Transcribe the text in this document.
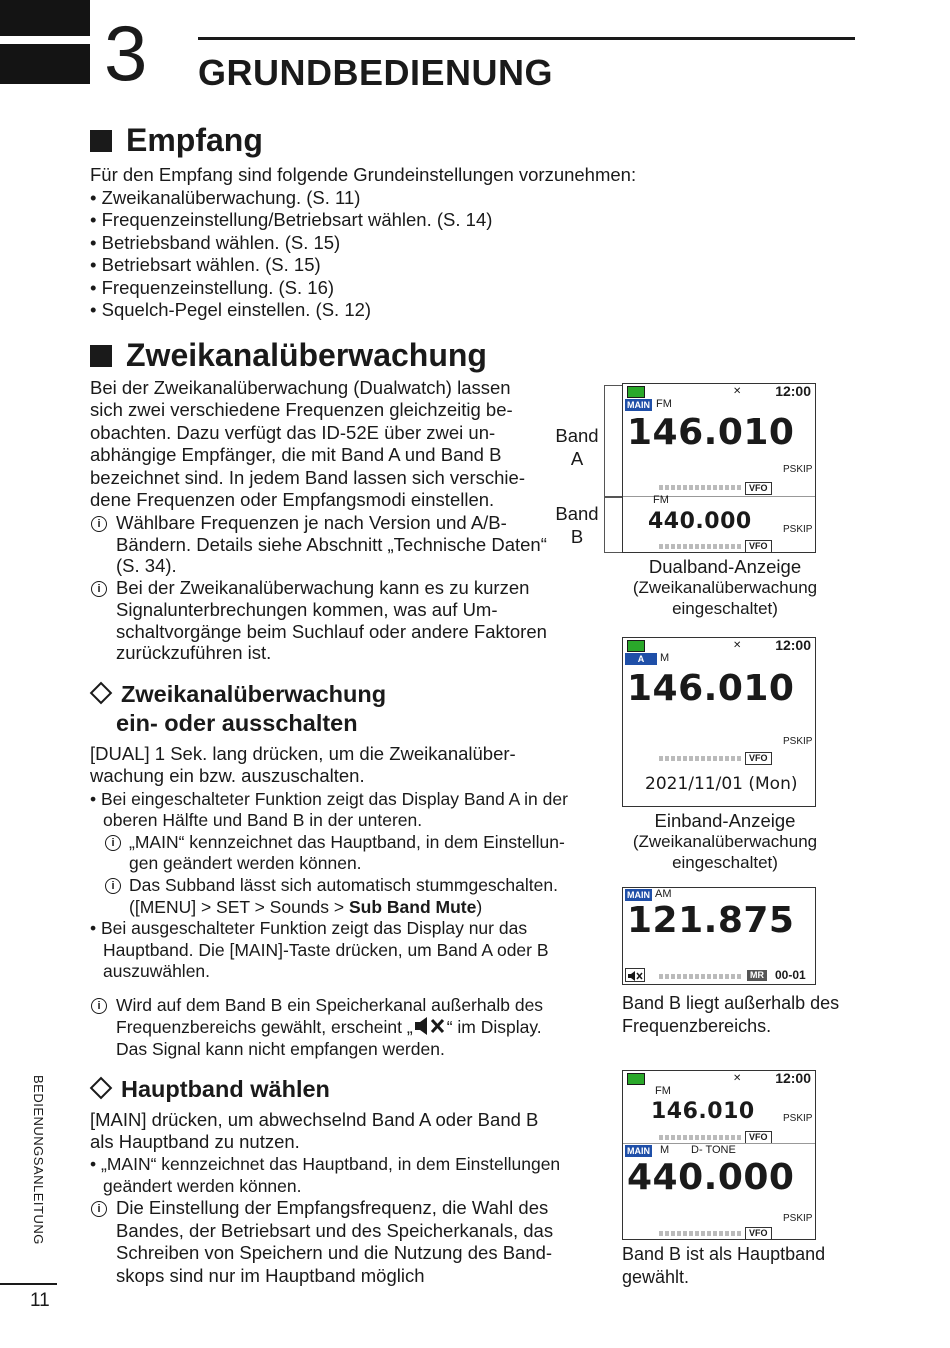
3 GRUNDBEDIENUNG
Empfang
Für den Empfang sind folgende Grundeinstellungen vorzunehmen:
• Zweikanalüberwachung. (S. 11)
• Frequenzeinstellung/Betriebsart wählen. (S. 14)
• Betriebsband wählen. (S. 15)
• Betriebsart wählen. (S. 15)
• Frequenzeinstellung. (S. 16)
• Squelch-Pegel einstellen. (S. 12)
Zweikanalüberwachung
Bei der Zweikanalüberwachung (Dualwatch) lassen
sich zwei verschiedene Frequenzen gleichzeitig be-
obachten. Dazu verfügt das ID-52E über zwei un-
abhängige Empfänger, die mit Band A und Band B
bezeichnet sind. In jedem Band lassen sich verschie-
dene Frequenzen oder Empfangsmodi einstellen.
i Wählbare Frequenzen je nach Version und A/B-
Bändern. Details siehe Abschnitt „Technische Daten“
(S. 34).
i Bei der Zweikanalüberwachung kann es zu kurzen
Signalunterbrechungen kommen, was auf Um-
schaltvorgänge beim Suchlauf oder andere Faktoren
zurückzuführen ist.
Zweikanalüberwachung
ein- oder ausschalten
[DUAL] 1 Sek. lang drücken, um die Zweikanalüber-
wachung ein bzw. auszuschalten.
• Bei eingeschalteter Funktion zeigt das Display Band A in der
oberen Hälfte und Band B in der unteren.
i „MAIN“ kennzeichnet das Hauptband, in dem Einstellun-
gen geändert werden können.
i Das Subband lässt sich automatisch stummgeschalten.
([MENU] > SET > Sounds > Sub Band Mute)
• Bei ausgeschalteter Funktion zeigt das Display nur das
Hauptband. Die [MAIN]-Taste drücken, um Band A oder B
auszuwählen.
i Wird auf dem Band B ein Speicherkanal außerhalb des
Frequenzbereichs gewählt, erscheint „ “ im Display.
Das Signal kann nicht empfangen werden.
Hauptband wählen
[MAIN] drücken, um abwechselnd Band A oder Band B
als Hauptband zu nutzen.
• „MAIN“ kennzeichnet das Hauptband, in dem Einstellungen
geändert werden können.
i Die Einstellung der Empfangsfrequenz, die Wahl des
Bandes, der Betriebsart und des Speicherkanals, das
Schreiben von Speichern und die Nutzung des Band-
skops sind nur im Hauptband möglich
BEDIENUNGSANLEITUNG
11
Band
A
Band
B
✕ 12:00
MAIN FM
146.010
PSKIP
VFO
FM
440.000	PSKIP
VFO
Dualband-Anzeige
(Zweikanalüberwachung
eingeschaltet)
✕ 12:00
A	M
146.010
PSKIP
VFO
2021/11/01 (Mon)
Einband-Anzeige
(Zweikanalüberwachung
eingeschaltet)
MAIN AM
121.875
MR 00-01
Band B liegt außerhalb des
Frequenzbereichs.
✕ 12:00
FM
146.010	PSKIP
VFO
MAIN M D- TONE
440.000
PSKIP
VFO
Band B ist als Hauptband
gewählt.
